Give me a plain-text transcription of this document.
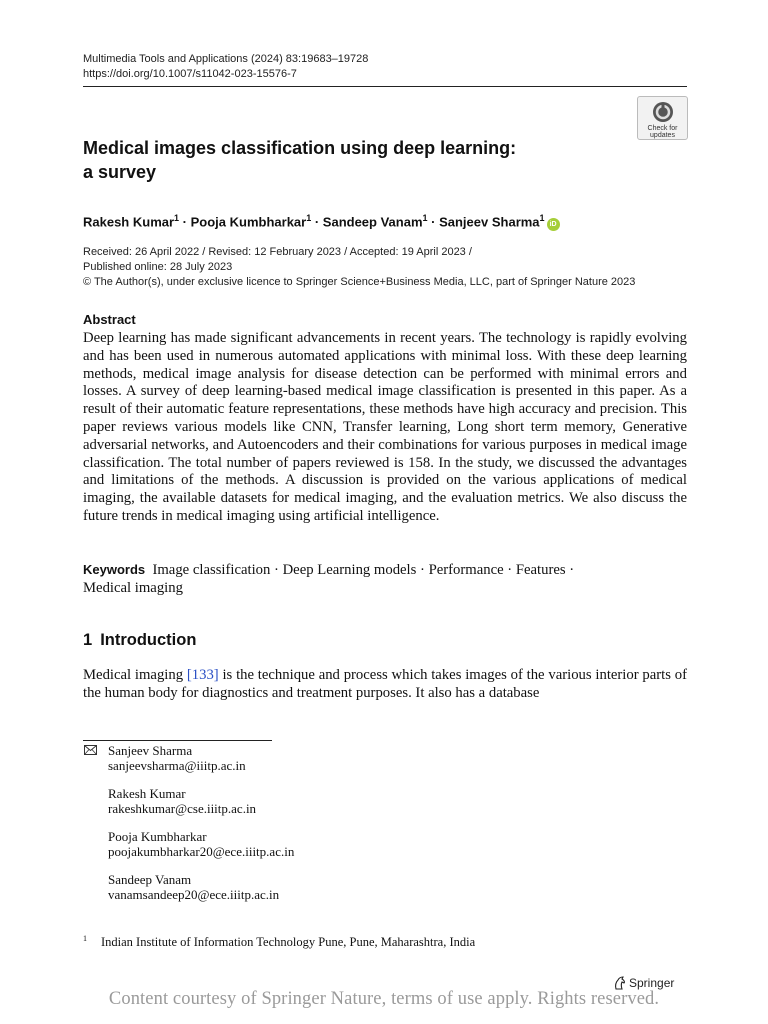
Multimedia Tools and Applications (2024) 83:19683–19728
https://doi.org/10.1007/s11042-023-15576-7
Check for
updates
Medical images classification using deep learning:
a survey
Rakesh Kumar$^1$ · Pooja Kumbharkar$^1$ · Sandeep Vanam$^1$ · Sanjeev Sharma$^1$iD
Received: 26 April 2022 / Revised: 12 February 2023 / Accepted: 19 April 2023 /
Published online: 28 July 2023
© The Author(s), under exclusive licence to Springer Science+Business Media, LLC, part of Springer Nature 2023
Abstract
Deep learning has made significant advancements in recent years. The technology is rapidly evolving and has been used in numerous automated applications with minimal loss. With these deep learning methods, medical image analysis for disease detection can be performed with minimal errors and losses. A survey of deep learning-based medical image classification is presented in this paper. As a result of their automatic feature representations, these methods have high accuracy and precision. This paper reviews various models like CNN, Transfer learning, Long short term memory, Generative adversarial networks, and Autoencoders and their combinations for various purposes in medical image classification. The total number of papers reviewed is 158. In the study, we discussed the advantages and limitations of the methods. A discussion is provided on the various applications of medical imaging, the available datasets for medical imaging, and the evaluation metrics. We also discuss the future trends in medical imaging using artificial intelligence.
Keywords Image classification · Deep Learning models · Performance · Features ·
Medical imaging
1 Introduction
Medical imaging [133] is the technique and process which takes images of the various interior parts of the human body for diagnostics and treatment purposes. It also has a database
Sanjeev Sharma
sanjeevsharma@iiitp.ac.in
Rakesh Kumar
rakeshkumar@cse.iiitp.ac.in
Pooja Kumbharkar
poojakumbharkar20@ece.iiitp.ac.in
Sandeep Vanam
vanamsandeep20@ece.iiitp.ac.in
$^1$ Indian Institute of Information Technology Pune, Pune, Maharashtra, India
Springer
Content courtesy of Springer Nature, terms of use apply. Rights reserved.
